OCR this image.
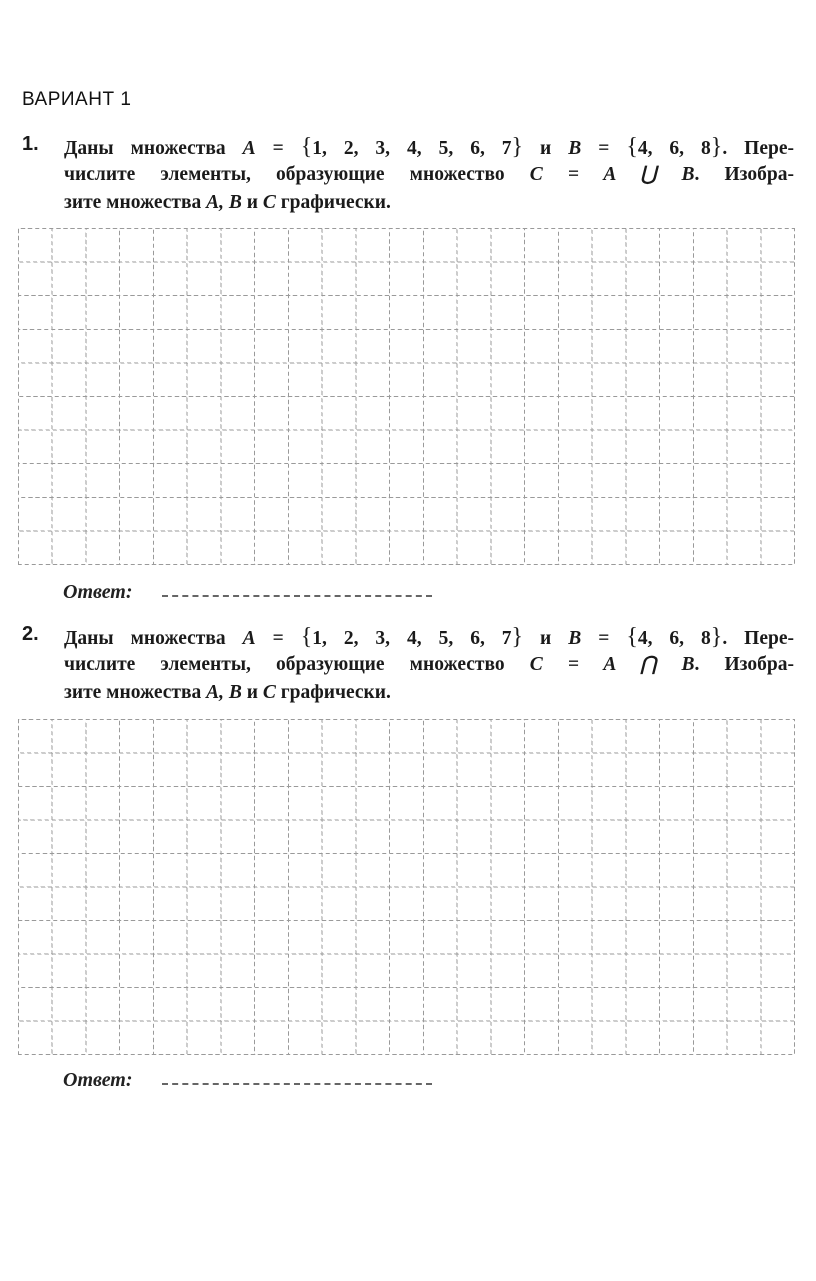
ВАРИАНТ 1
1. Даны множества A = {1, 2, 3, 4, 5, 6, 7} и B = {4, 6, 8}. Пере-
числите элементы, образующие множество C = A ⋃ B. Изобра-
зите множества A, B и C графически.
Ответ:
2. Даны множества A = {1, 2, 3, 4, 5, 6, 7} и B = {4, 6, 8}. Пере-
числите элементы, образующие множество C = A ⋂ B. Изобра-
зите множества A, B и C графически.
Ответ:
